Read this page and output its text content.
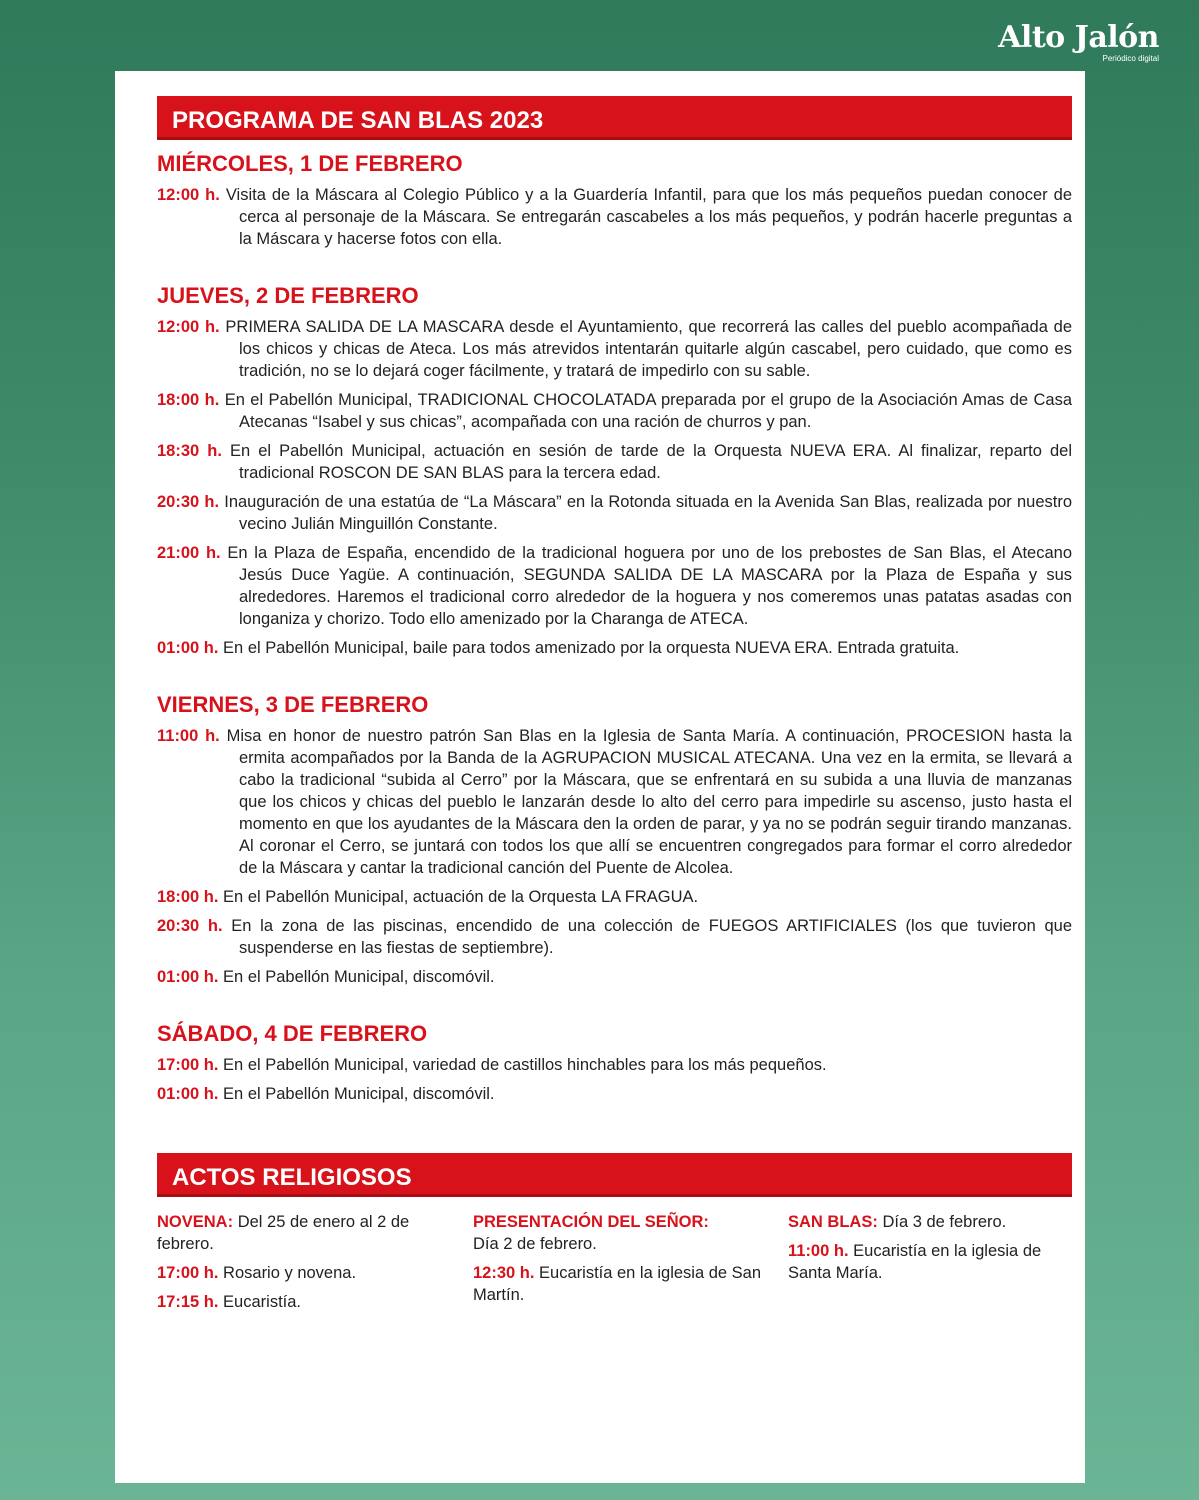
Alto Jalón
Periódico digital
PROGRAMA DE SAN BLAS 2023
MIÉRCOLES, 1 DE FEBRERO
12:00 h. Visita de la Máscara al Colegio Público y a la Guardería Infantil, para que los más pequeños puedan conocer de cerca al personaje de la Máscara. Se entregarán cascabeles a los más pequeños, y podrán hacerle preguntas a la Máscara y hacerse fotos con ella.
JUEVES, 2 DE FEBRERO
12:00 h. PRIMERA SALIDA DE LA MASCARA desde el Ayuntamiento, que recorrerá las calles del pueblo acompañada de los chicos y chicas de Ateca. Los más atrevidos intentarán quitarle algún cascabel, pero cuidado, que como es tradición, no se lo dejará coger fácilmente, y tratará de impedirlo con su sable.
18:00 h. En el Pabellón Municipal, TRADICIONAL CHOCOLATADA preparada por el grupo de la Asociación Amas de Casa Atecanas “Isabel y sus chicas”, acompañada con una ración de churros y pan.
18:30 h. En el Pabellón Municipal, actuación en sesión de tarde de la Orquesta NUEVA ERA. Al finalizar, reparto del tradicional ROSCON DE SAN BLAS para la tercera edad.
20:30 h. Inauguración de una estatúa de “La Máscara” en la Rotonda situada en la Avenida San Blas, realizada por nuestro vecino Julián Minguillón Constante.
21:00 h. En la Plaza de España, encendido de la tradicional hoguera por uno de los prebostes de San Blas, el Atecano Jesús Duce Yagüe. A continuación, SEGUNDA SALIDA DE LA MASCARA por la Plaza de España y sus alrededores. Haremos el tradicional corro alrededor de la hoguera y nos comeremos unas patatas asadas con longaniza y chorizo. Todo ello amenizado por la Charanga de ATECA.
01:00 h. En el Pabellón Municipal, baile para todos amenizado por la orquesta NUEVA ERA. Entrada gratuita.
VIERNES, 3 DE FEBRERO
11:00 h. Misa en honor de nuestro patrón San Blas en la Iglesia de Santa María. A continuación, PROCESION hasta la ermita acompañados por la Banda de la AGRUPACION MUSICAL ATECANA. Una vez en la ermita, se llevará a cabo la tradicional “subida al Cerro” por la Máscara, que se enfrentará en su subida a una lluvia de manzanas que los chicos y chicas del pueblo le lanzarán desde lo alto del cerro para impedirle su ascenso, justo hasta el momento en que los ayudantes de la Máscara den la orden de parar, y ya no se podrán seguir tirando manzanas. Al coronar el Cerro, se juntará con todos los que allí se encuentren congregados para formar el corro alrededor de la Máscara y cantar la tradicional canción del Puente de Alcolea.
18:00 h. En el Pabellón Municipal, actuación de la Orquesta LA FRAGUA.
20:30 h. En la zona de las piscinas, encendido de una colección de FUEGOS ARTIFICIALES (los que tuvieron que suspenderse en las fiestas de septiembre).
01:00 h. En el Pabellón Municipal, discomóvil.
SÁBADO, 4 DE FEBRERO
17:00 h. En el Pabellón Municipal, variedad de castillos hinchables para los más pequeños.
01:00 h. En el Pabellón Municipal, discomóvil.
ACTOS RELIGIOSOS

NOVENA: Del 25 de enero al 2 de febrero.

17:00 h. Rosario y novena.

17:15 h. Eucaristía.

PRESENTACIÓN DEL SEÑOR:
Día 2 de febrero.

12:30 h. Eucaristía en la iglesia de San Martín.

SAN BLAS: Día 3 de febrero.

11:00 h. Eucaristía en la iglesia de Santa María.
